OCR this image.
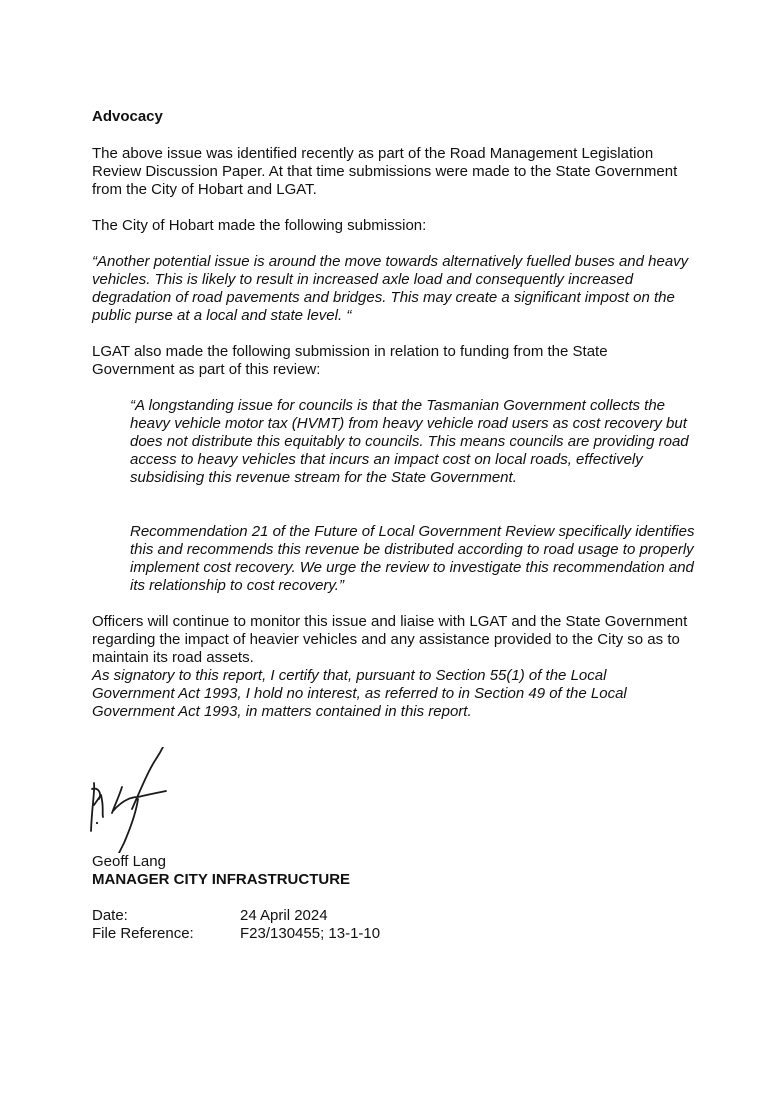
Advocacy

The above issue was identified recently as part of the Road Management Legislation Review Discussion Paper. At that time submissions were made to the State Government from the City of Hobart and LGAT.

The City of Hobart made the following submission:

“Another potential issue is around the move towards alternatively fuelled buses and heavy vehicles. This is likely to result in increased axle load and consequently increased degradation of road pavements and bridges. This may create a significant impost on the public purse at a local and state level. “

LGAT also made the following submission in relation to funding from the State Government as part of this review:

“A longstanding issue for councils is that the Tasmanian Government collects the heavy vehicle motor tax (HVMT) from heavy vehicle road users as cost recovery but does not distribute this equitably to councils. This means councils are providing road access to heavy vehicles that incurs an impact cost on local roads, effectively subsidising this revenue stream for the State Government.

Recommendation 21 of the Future of Local Government Review specifically identifies this and recommends this revenue be distributed according to road usage to properly implement cost recovery. We urge the review to investigate this recommendation and its relationship to cost recovery.”

Officers will continue to monitor this issue and liaise with LGAT and the State Government regarding the impact of heavier vehicles and any assistance provided to the City so as to maintain its road assets.

As signatory to this report, I certify that, pursuant to Section 55(1) of the Local Government Act 1993, I hold no interest, as referred to in Section 49 of the Local Government Act 1993, in matters contained in this report.

Geoff Lang

MANAGER CITY INFRASTRUCTURE

Date:	24 April 2024
File Reference:	F23/130455; 13-1-10
